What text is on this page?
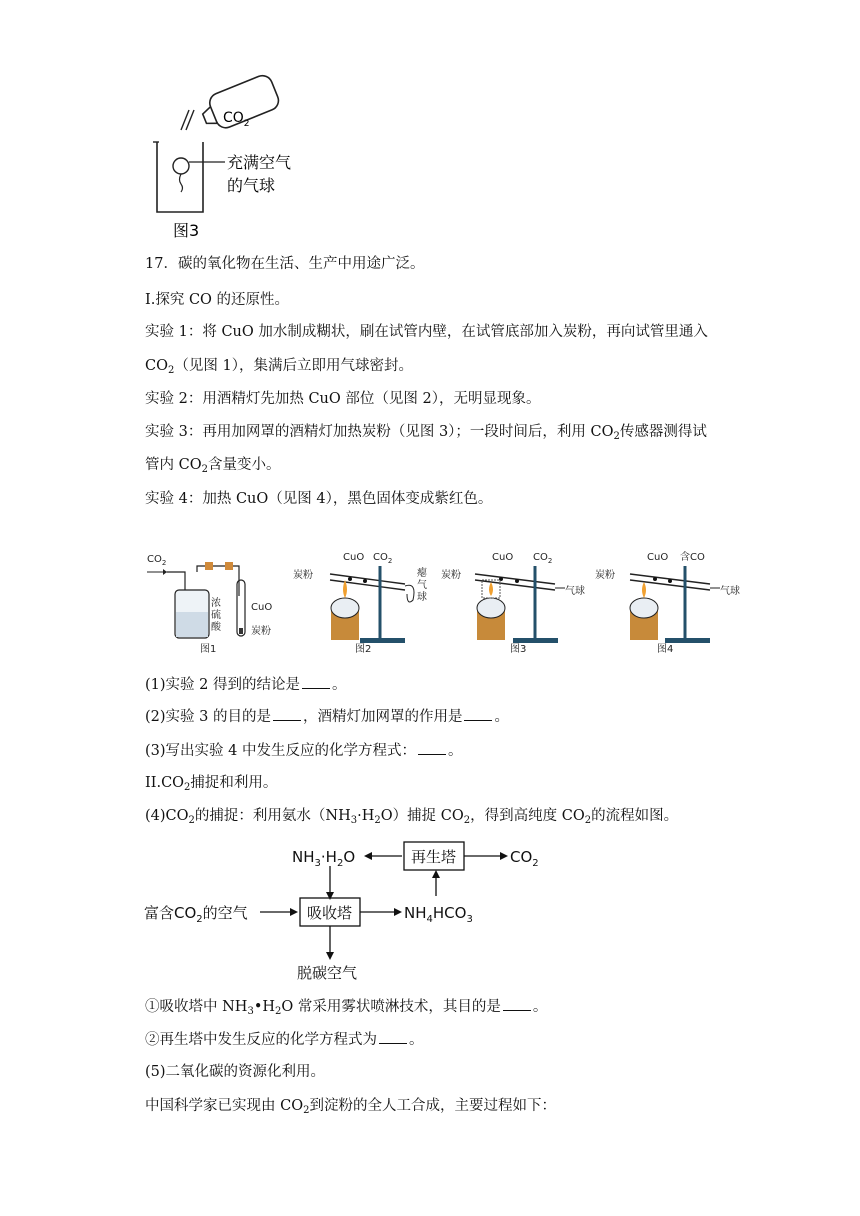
$CO_2$
充满空气
的气球
图3
17．碳的氧化物在生活、生产中用途广泛。
I.探究 CO 的还原性。
实验 1：将 CuO 加水制成糊状，刷在试管内壁，在试管底部加入炭粉，再向试管里通入
$CO_2$（见图 1），集满后立即用气球密封。
实验 2：用酒精灯先加热 CuO 部位（见图 2），无明显现象。
实验 3：再用加网罩的酒精灯加热炭粉（见图 3）；一段时间后，利用 $CO_2$传感器测得试
管内 $CO_2$含量变小。
实验 4：加热 CuO（见图 4），黑色固体变成紫红色。
$CO_2$
浓
硫
酸
CuO
炭粉
图1
炭粉
CuO $CO_2$
瘪
气
球
图2
炭粉
CuO $CO_2$
气球
图3
炭粉
CuO 含CO
气球
图4
(1)实验 2 得到的结论是 。
(2)实验 3 的目的是 ，酒精灯加网罩的作用是 。
(3)写出实验 4 中发生反应的化学方程式： 。
$II.CO_2$捕捉和利用。
$(4)CO_2$的捕捉：利用氨水$(NH_3\cdot H_2O)$捕捉 $CO_2$，得到高纯度 $CO_2$的流程如图。
$NH_3\cdot H_2O$	再生塔	$CO_2$
富含$CO_2$的空气	吸收塔	$NH_4HCO_3$
脱碳空气
①吸收塔中 $NH_3•H_2O$ 常采用雾状喷淋技术，其目的是 。
②再生塔中发生反应的化学方程式为 。
(5)二氧化碳的资源化利用。
中国科学家已实现由 $CO_2$到淀粉的全人工合成，主要过程如下：
